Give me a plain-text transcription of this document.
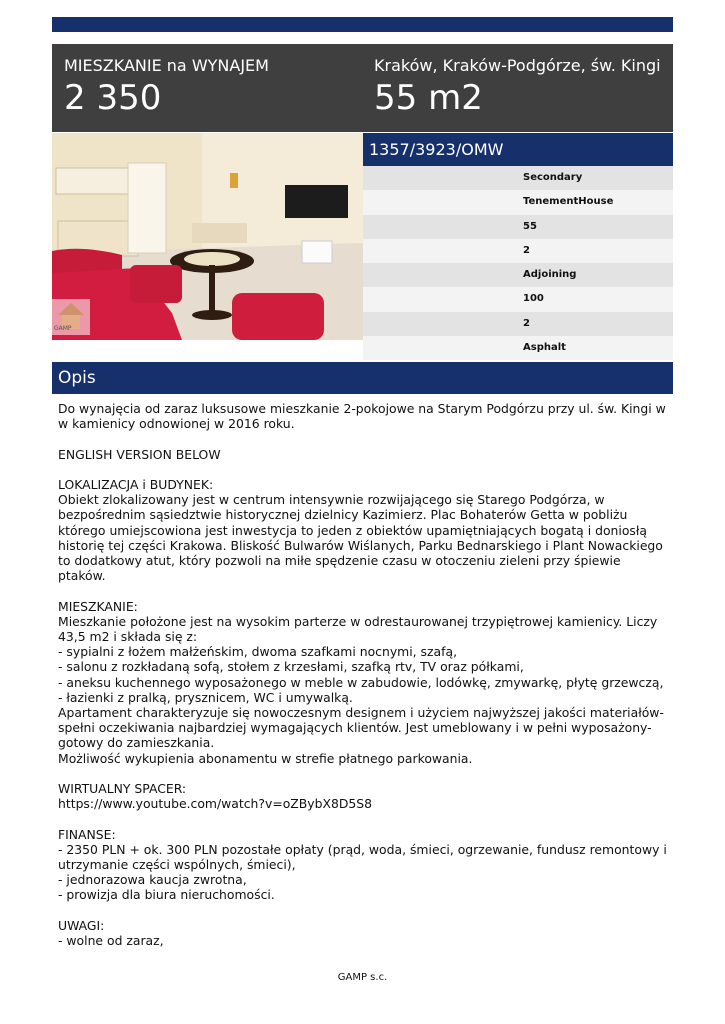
MIESZKANIE na WYNAJEM
2 350
Kraków, Kraków-Podgórze, św. Kingi
55 m2
GAMP
1357/3923/OMW
Secondary
TenementHouse
55
2
Adjoining
100
2
Asphalt
Opis

Do wynajęcia od zaraz luksusowe mieszkanie 2-pokojowe na Starym Podgórzu przy ul. św. Kingi w
w kamienicy odnowionej w 2016 roku.

ENGLISH VERSION BELOW

LOKALIZACJA i BUDYNEK:
Obiekt zlokalizowany jest w centrum intensywnie rozwijającego się Starego Podgórza, w
bezpośrednim sąsiedztwie historycznej dzielnicy Kazimierz. Plac Bohaterów Getta w pobliżu
którego umiejscowiona jest inwestycja to jeden z obiektów upamiętniających bogatą i doniosłą
historię tej części Krakowa. Bliskość Bulwarów Wiślanych, Parku Bednarskiego i Plant Nowackiego
to dodatkowy atut, który pozwoli na miłe spędzenie czasu w otoczeniu zieleni przy śpiewie ptaków.

MIESZKANIE:
Mieszkanie położone jest na wysokim parterze w odrestaurowanej trzypiętrowej kamienicy. Liczy
43,5 m2 i składa się z:
- sypialni z łożem małżeńskim, dwoma szafkami nocnymi, szafą,
- salonu z rozkładaną sofą, stołem z krzesłami, szafką rtv, TV oraz półkami,
- aneksu kuchennego wyposażonego w meble w zabudowie, lodówkę, zmywarkę, płytę grzewczą,
- łazienki z pralką, prysznicem, WC i umywalką.
Apartament charakteryzuje się nowoczesnym designem i użyciem najwyższej jakości materiałów-
spełni oczekiwania najbardziej wymagających klientów. Jest umeblowany i w pełni wyposażony-
gotowy do zamieszkania.
Możliwość wykupienia abonamentu w strefie płatnego parkowania.

WIRTUALNY SPACER:
https://www.youtube.com/watch?v=oZBybX8D5S8

FINANSE:
- 2350 PLN + ok. 300 PLN pozostałe opłaty (prąd, woda, śmieci, ogrzewanie, fundusz remontowy i
utrzymanie części wspólnych, śmieci),
- jednorazowa kaucja zwrotna,
- prowizja dla biura nieruchomości.

UWAGI:
- wolne od zaraz,

GAMP s.c.
